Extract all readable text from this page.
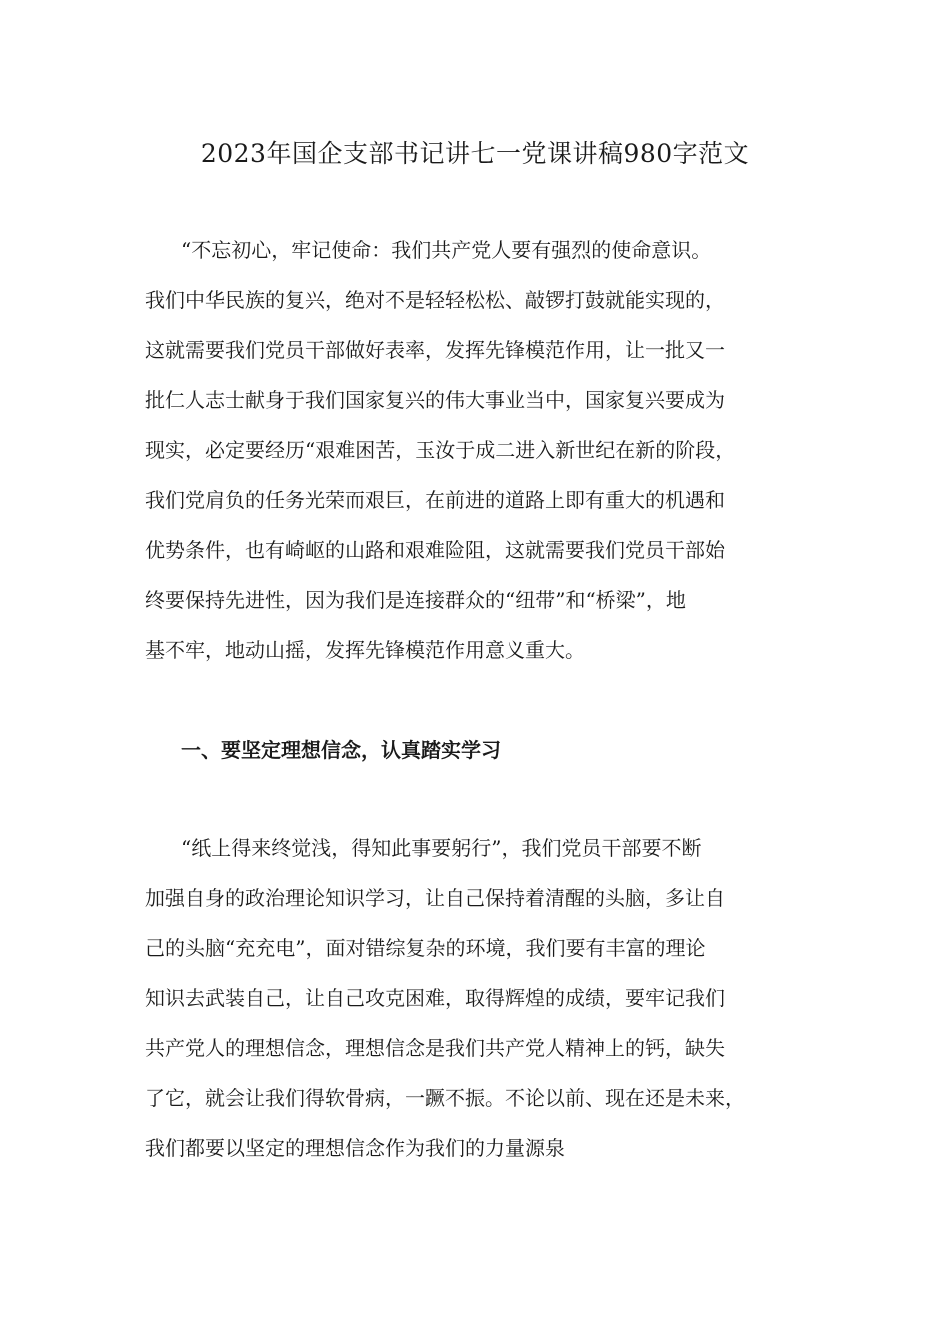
2023年国企支部书记讲七一党课讲稿980字范文

“不忘初心，牢记使命：我们共产党人要有强烈的使命意识。
我们中华民族的复兴，绝对不是轻轻松松、敲锣打鼓就能实现的，
这就需要我们党员干部做好表率，发挥先锋模范作用，让一批又一
批仁人志士献身于我们国家复兴的伟大事业当中，国家复兴要成为
现实，必定要经历“艰难困苦，玉汝于成二进入新世纪在新的阶段，
我们党肩负的任务光荣而艰巨，在前进的道路上即有重大的机遇和
优势条件，也有崎岖的山路和艰难险阻，这就需要我们党员干部始
终要保持先进性，因为我们是连接群众的“纽带”和“桥梁”，地
基不牢，地动山摇，发挥先锋模范作用意义重大。

一、要坚定理想信念，认真踏实学习

“纸上得来终觉浅，得知此事要躬行”，我们党员干部要不断
加强自身的政治理论知识学习，让自己保持着清醒的头脑，多让自
己的头脑“充充电”，面对错综复杂的环境，我们要有丰富的理论
知识去武装自己，让自己攻克困难，取得辉煌的成绩，要牢记我们
共产党人的理想信念，理想信念是我们共产党人精神上的钙，缺失
了它，就会让我们得软骨病，一蹶不振。不论以前、现在还是未来，
我们都要以坚定的理想信念作为我们的力量源泉
